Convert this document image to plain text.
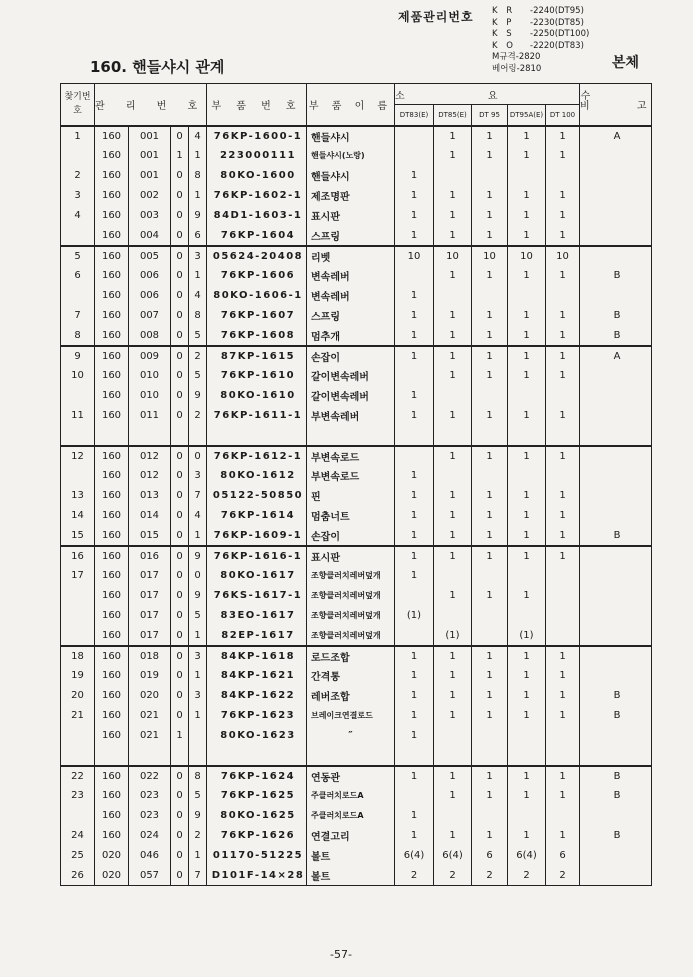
제품관리번호 K R	-2240(DT95)
K P	-2230(DT85)
K S	-2250(DT100)
K O	-2220(DT83)
M규격-2820
베어링-2810
160. 핸들샤시 관계	본체
찾기번호	관 리 번 호				부 품 번 호	부 품 이 름	소 요 수					비 고
							DT83(E)	DT85(E)	DT 95	DT95A(E)	DT 100	
1	160	001	0	4	76KP-1600-1	핸들샤시		1	1	1	1	A
	160	001	1	1	223000111	핸들샤시(노랑)		1	1	1	1	
2	160	001	0	8	80KO-1600	핸들샤시	1					
3	160	002	0	1	76KP-1602-1	제조명판	1	1	1	1	1	
4	160	003	0	9	84D1-1603-1	표시판	1	1	1	1	1	
	160	004	0	6	76KP-1604	스프링	1	1	1	1	1	
5	160	005	0	3	05624-20408	리벳	10	10	10	10	10	
6	160	006	0	1	76KP-1606	변속레버		1	1	1	1	B
	160	006	0	4	80KO-1606-1	변속레버	1					
7	160	007	0	8	76KP-1607	스프링	1	1	1	1	1	B
8	160	008	0	5	76KP-1608	멈추개	1	1	1	1	1	B
9	160	009	0	2	87KP-1615	손잡이	1	1	1	1	1	A
10	160	010	0	5	76KP-1610	갈이변속레버		1	1	1	1	
	160	010	0	9	80KO-1610	갈이변속레버	1					
11	160	011	0	2	76KP-1611-1	부변속레버	1	1	1	1	1	

12	160	012	0	0	76KP-1612-1	부변속로드		1	1	1	1	
	160	012	0	3	80KO-1612	부변속로드	1					
13	160	013	0	7	05122-50850	핀	1	1	1	1	1	
14	160	014	0	4	76KP-1614	멈춤너트	1	1	1	1	1	
15	160	015	0	1	76KP-1609-1	손잡이	1	1	1	1	1	B
16	160	016	0	9	76KP-1616-1	표시판	1	1	1	1	1	
17	160	017	0	0	80KO-1617	조향클러치레버덮개	1					
	160	017	0	9	76KS-1617-1	조향클러치레버덮개		1	1	1		
	160	017	0	5	83EO-1617	조향클러치레버덮개	(1)					
	160	017	0	1	82EP-1617	조향클러치레버덮개		(1)		(1)		
18	160	018	0	3	84KP-1618	로드조합	1	1	1	1	1	
19	160	019	0	1	84KP-1621	간격통	1	1	1	1	1	
20	160	020	0	3	84KP-1622	레버조합	1	1	1	1	1	B
21	160	021	0	1	76KP-1623	브레이크연결로드	1	1	1	1	1	B
	160	021	1		80KO-1623	″	1					

22	160	022	0	8	76KP-1624	연동관	1	1	1	1	1	B
23	160	023	0	5	76KP-1625	주클러치로드A		1	1	1	1	B
	160	023	0	9	80KO-1625	주클러치로드A	1					
24	160	024	0	2	76KP-1626	연결고리	1	1	1	1	1	B
25	020	046	0	1	01170-51225	볼트	6(4)	6(4)	6	6(4)	6	
26	020	057	0	7	D101F-14×28	볼트	2	2	2	2	2	
-57-
